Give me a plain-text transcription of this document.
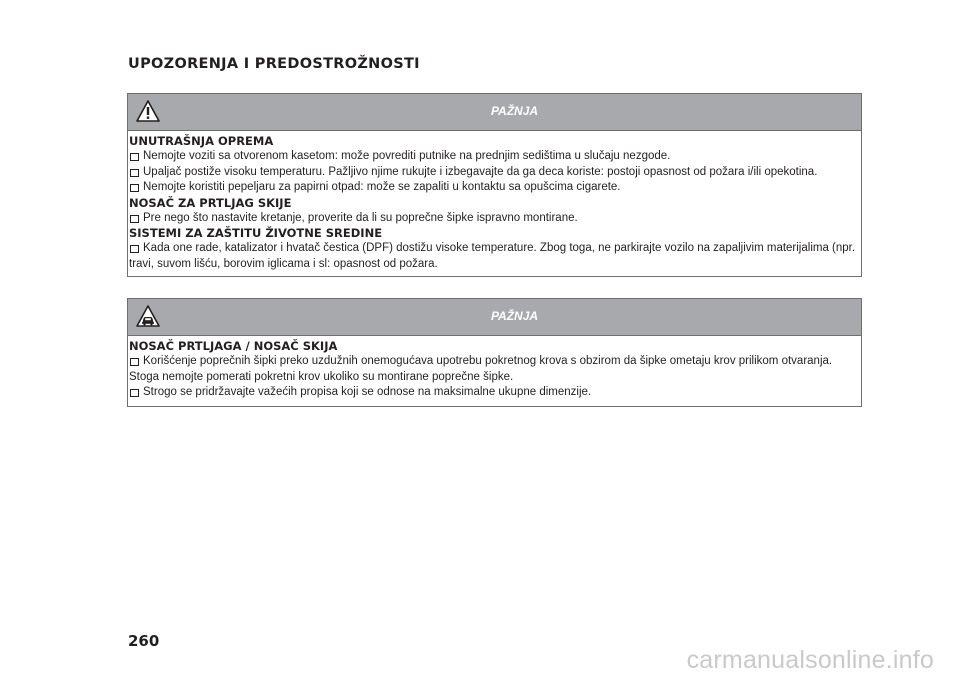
UPOZORENJA I PREDOSTROŽNOSTI
PAŽNJA
UNUTRAŠNJA OPREMA
Nemojte voziti sa otvorenom kasetom: može povrediti putnike na prednjim sedištima u slučaju nezgode.
Upaljač postiže visoku temperaturu. Pažljivo njime rukujte i izbegavajte da ga deca koriste: postoji opasnost od požara i/ili opekotina.
Nemojte koristiti pepeljaru za papirni otpad: može se zapaliti u kontaktu sa opušcima cigarete.
NOSAČ ZA PRTLJAG SKIJE
Pre nego što nastavite kretanje, proverite da li su poprečne šipke ispravno montirane.
SISTEMI ZA ZAŠTITU ŽIVOTNE SREDINE
Kada one rade, katalizator i hvatač čestica (DPF) dostižu visoke temperature. Zbog toga, ne parkirajte vozilo na zapaljivim materijalima (npr. travi, suvom lišću, borovim iglicama i sl: opasnost od požara.
PAŽNJA
NOSAČ PRTLJAGA / NOSAČ SKIJA
Korišćenje poprečnih šipki preko uzdužnih onemogućava upotrebu pokretnog krova s obzirom da šipke ometaju krov prilikom otvaranja. Stoga nemojte pomerati pokretni krov ukoliko su montirane poprečne šipke.
Strogo se pridržavajte važećih propisa koji se odnose na maksimalne ukupne dimenzije.
260
carmanualsonline.info
